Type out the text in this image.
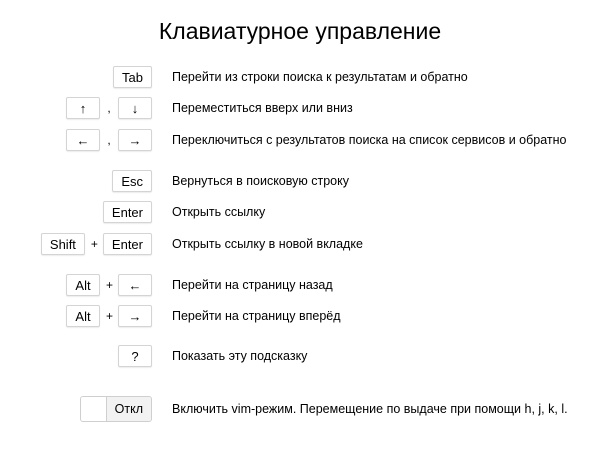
Клавиатурное управление
Tab	Перейти из строки поиска к результатам и обратно
↑	,	↓	Переместиться вверх или вниз
←	,	→	Переключиться с результатов поиска на список сервисов и обратно
Esc	Вернуться в поисковую строку
Enter	Открыть ссылку
Shift	+	Enter	Открыть ссылку в новой вкладке
Alt	+	←	Перейти на страницу назад
Alt	+	→	Перейти на страницу вперёд
?	Показать эту подсказку
Откл	Включить vim-режим. Перемещение по выдаче при помощи h, j, k, l.
